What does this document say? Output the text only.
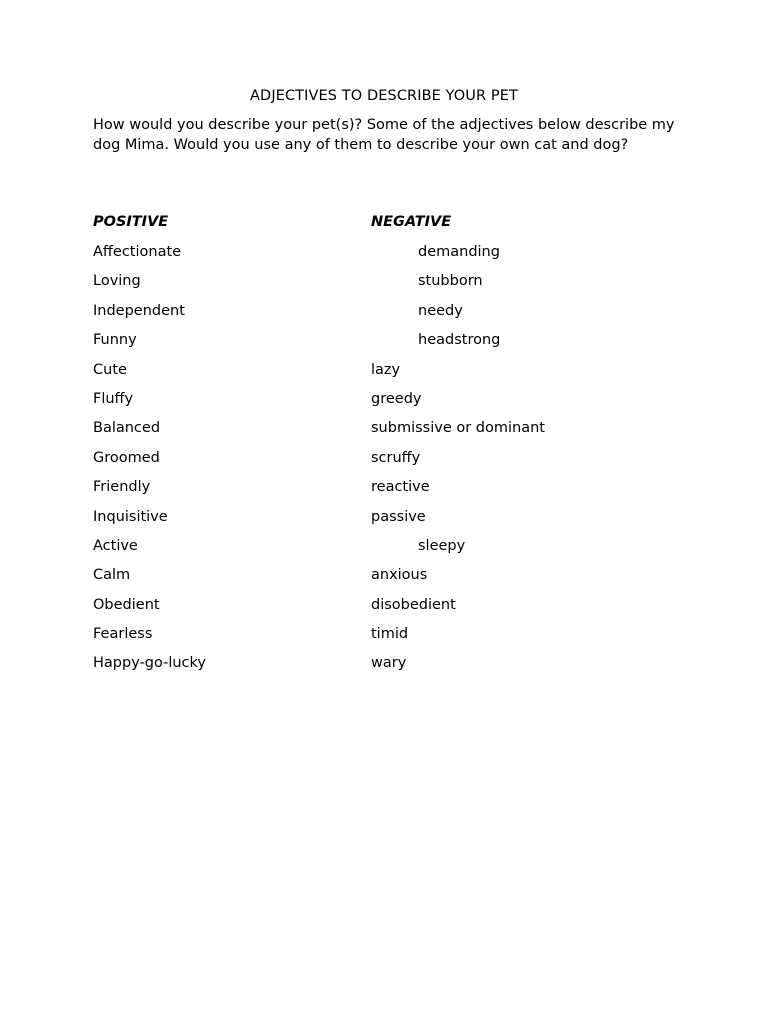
ADJECTIVES TO DESCRIBE YOUR PET
How would you describe your pet(s)? Some of the adjectives below describe my dog Mima. Would you use any of them to describe your own cat and dog?
POSITIVE	NEGATIVE
Affectionate
Loving
Independent
Funny
Cute
Fluffy
Balanced
Groomed
Friendly
Inquisitive
Active
Calm
Obedient
Fearless
Happy-go-lucky
demanding
stubborn
needy
headstrong
lazy
greedy
submissive or dominant
scruffy
reactive
passive
sleepy
anxious
disobedient
timid
wary
